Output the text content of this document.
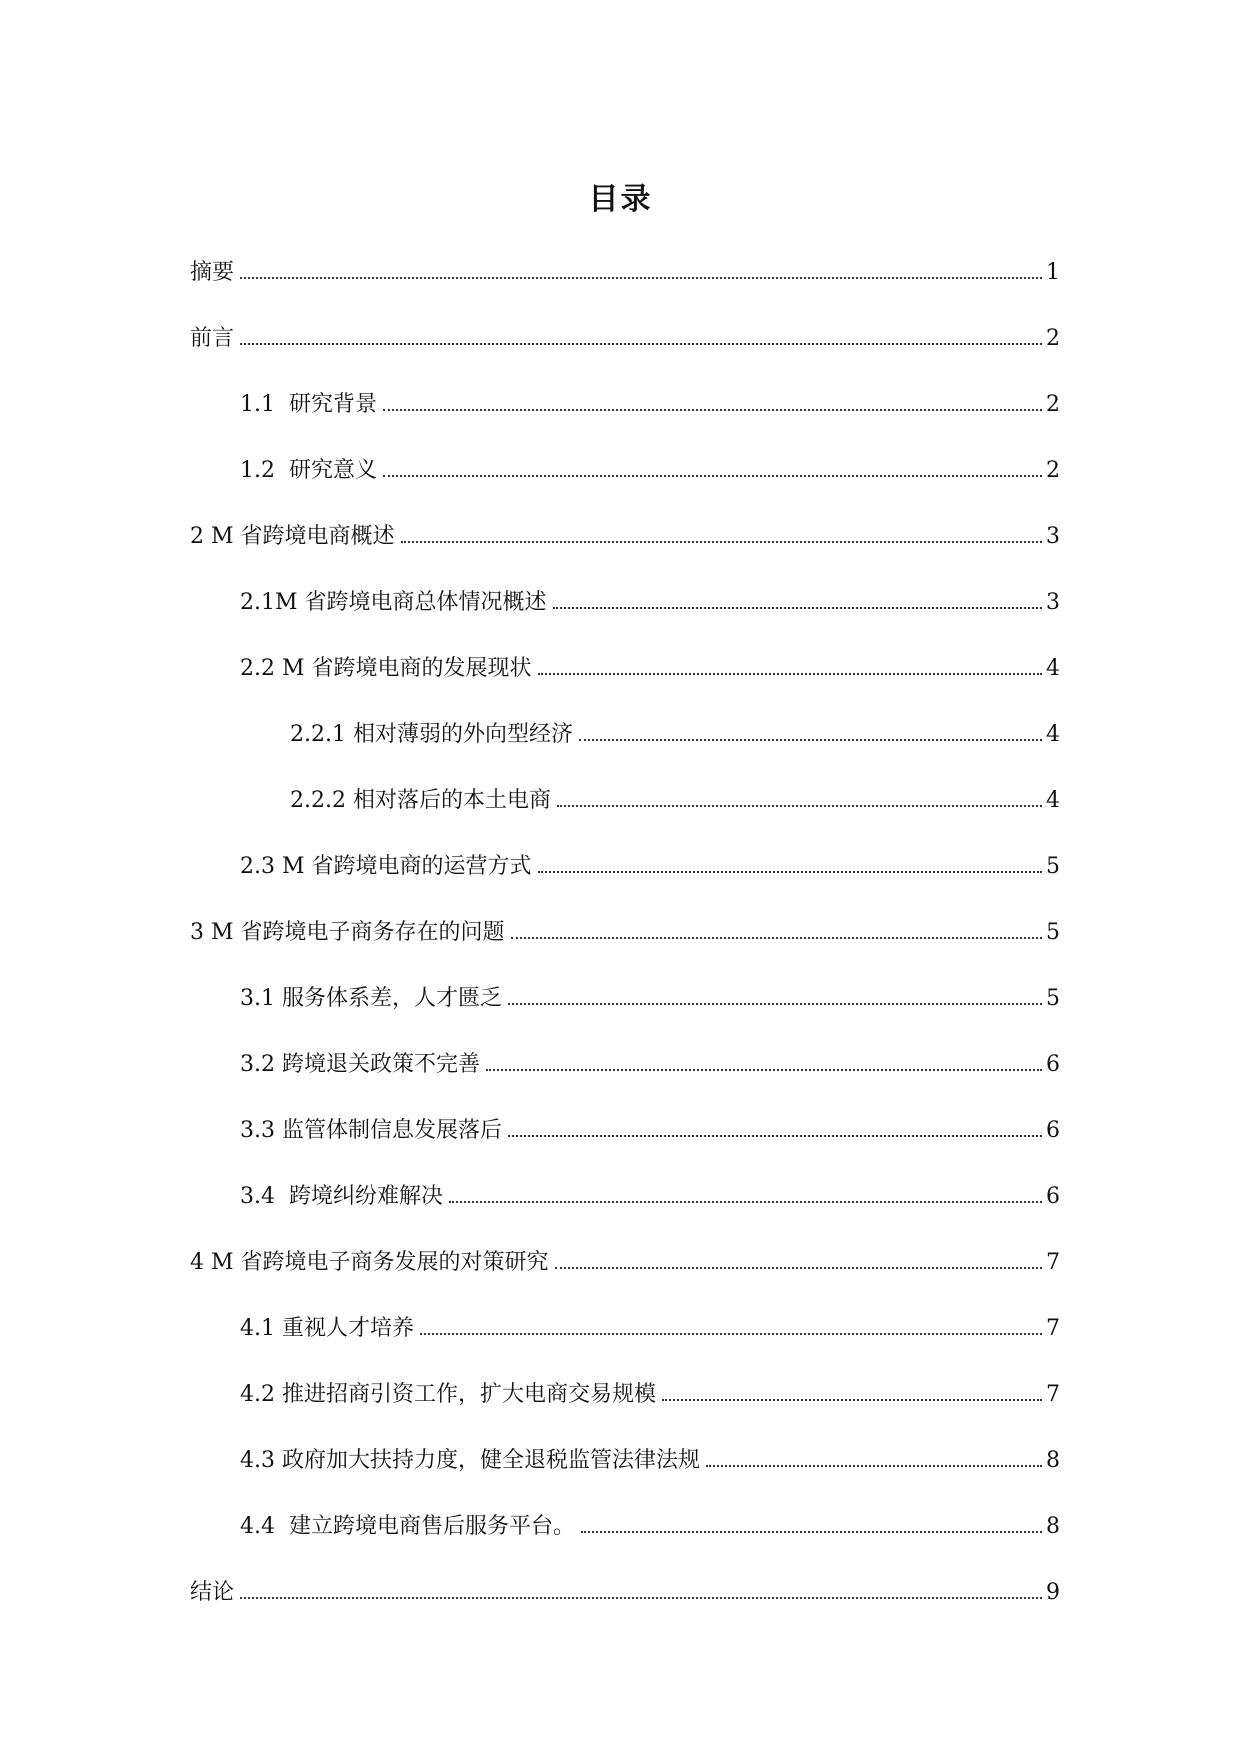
目录
摘要	1
前言	2
1.1  研究背景	2
1.2  研究意义	2
2 M 省跨境电商概述	3
2.1M 省跨境电商总体情况概述	3
2.2 M 省跨境电商的发展现状	4
2.2.1 相对薄弱的外向型经济	4
2.2.2 相对落后的本土电商	4
2.3 M 省跨境电商的运营方式	5
3 M 省跨境电子商务存在的问题	5
3.1 服务体系差，人才匮乏	5
3.2 跨境退关政策不完善	6
3.3 监管体制信息发展落后	6
3.4  跨境纠纷难解决	6
4 M 省跨境电子商务发展的对策研究	7
4.1 重视人才培养	7
4.2 推进招商引资工作，扩大电商交易规模	7
4.3 政府加大扶持力度，健全退税监管法律法规	8
4.4  建立跨境电商售后服务平台。	8
结论	9
